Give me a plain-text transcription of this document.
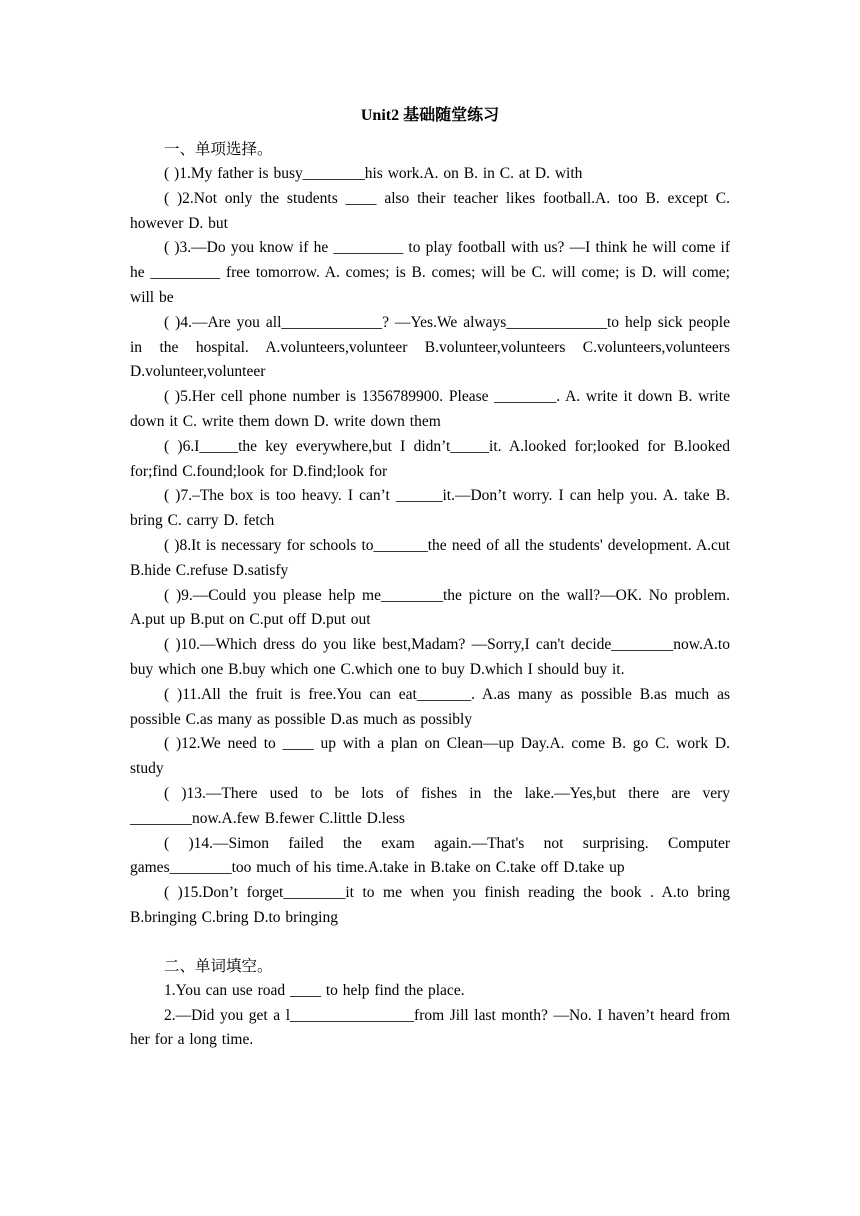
Unit2 基础随堂练习
一、单项选择。
( )1.My father is busy________his work.A. on B. in C. at D. with
( )2.Not only the students ____ also their teacher likes football.A. too B. except C. however D. but
( )3.—Do you know if he _________ to play football with us? —I think he will come if he _________ free tomorrow. A. comes; is B. comes; will be C. will come; is D. will come; will be
( )4.—Are you all_____________? —Yes.We always_____________to help sick people in the hospital. A.volunteers,volunteer B.volunteer,volunteers C.volunteers,volunteers D.volunteer,volunteer
( )5.Her cell phone number is 1356789900. Please ________. A. write it down B. write down it C. write them down D. write down them
( )6.I_____the key everywhere,but I didn’t_____it. A.looked for;looked for B.looked for;find C.found;look for D.find;look for
( )7.–The box is too heavy. I can’t ______it.—Don’t worry. I can help you. A. take B. bring C. carry D. fetch
( )8.It is necessary for schools to_______the need of all the students' development. A.cut B.hide C.refuse D.satisfy
( )9.—Could you please help me________the picture on the wall?—OK. No problem. A.put up B.put on C.put off D.put out
( )10.—Which dress do you like best,Madam? —Sorry,I can't decide________now.A.to buy which one B.buy which one C.which one to buy D.which I should buy it.
( )11.All the fruit is free.You can eat_______. A.as many as possible B.as much as possible C.as many as possible D.as much as possibly
( )12.We need to ____ up with a plan on Clean—up Day.A. come B. go C. work D. study
( )13.—There used to be lots of fishes in the lake.—Yes,but there are very ________now.A.few B.fewer C.little D.less
( )14.—Simon failed the exam again.—That's not surprising. Computer games________too much of his time.A.take in B.take on C.take off D.take up
( )15.Don’t forget________it to me when you finish reading the book . A.to bring B.bringing C.bring D.to bringing
二、单词填空。
1.You can use road ____ to help find the place.
2.—Did you get a l________________from Jill last month? —No. I haven’t heard from her for a long time.
